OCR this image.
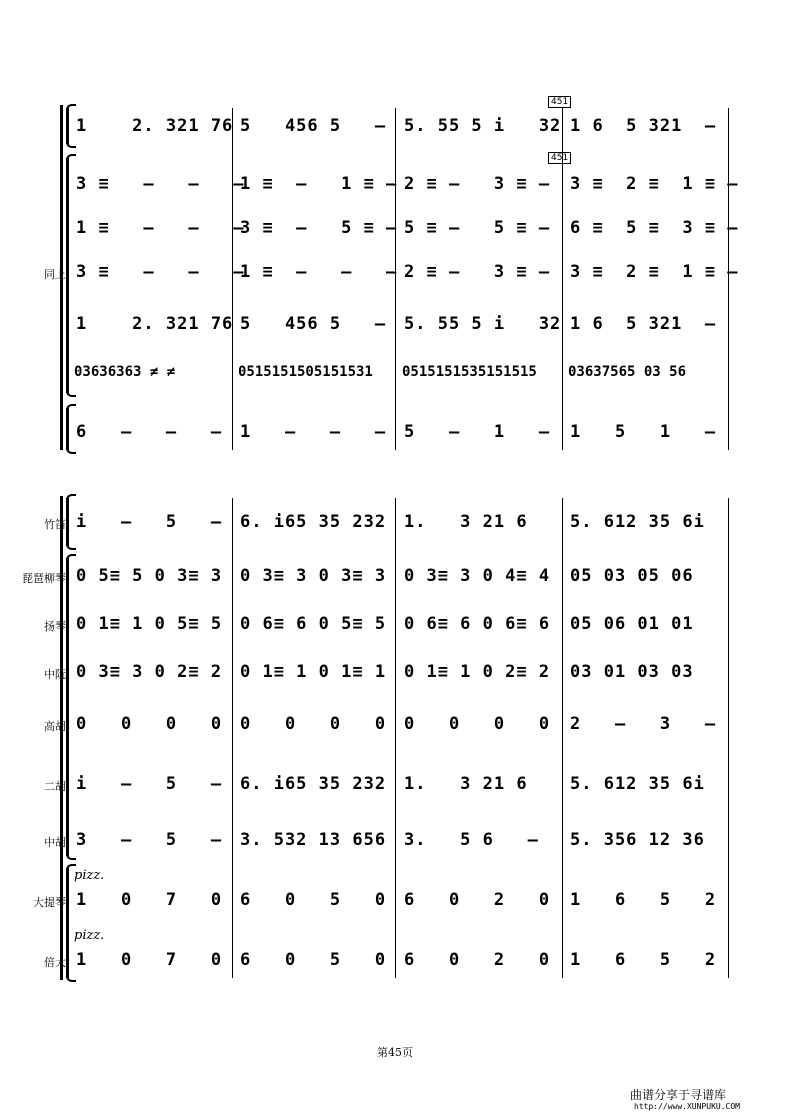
451
451
1    2. 321 76 5   456 5   – 5. 55 5 i   32 1 6  5 321  –
3 ≡   –   –   –
1 ≡  –   1 ≡ – 2 ≡ –   3 ≡ – 3 ≡  2 ≡  1 ≡ –
1 ≡   –   –   –
3 ≡  –   5 ≡ – 5 ≡ –   5 ≡ – 6 ≡  5 ≡  3 ≡ –
同上 3 ≡   –   –   –
1 ≡  –   –   – 2 ≡ –   3 ≡ – 3 ≡  2 ≡  1 ≡ –
1    2. 321 76 5   456 5   – 5. 55 5 i   32 1 6  5 321  –
03636363 ≠ ≠	0515151505151531 0515151535151515 03637565 03 56
6   –   –   – 1   –   –   – 5   –   1   – 1   5   1   –
竹笛 i   –   5   – 6. i65 35 232 1.   3 21 6 5. 612 35 6i
琵琶柳琴 0 5≡ 5 0 3≡ 3 0 3≡ 3 0 3≡ 3 0 3≡ 3 0 4≡ 4 05 03 05 06
扬琴 0 1≡ 1 0 5≡ 5 0 6≡ 6 0 5≡ 5 0 6≡ 6 0 6≡ 6 05 06 01 01
中阮 0 3≡ 3 0 2≡ 2 0 1≡ 1 0 1≡ 1 0 1≡ 1 0 2≡ 2 03 01 03 03
高胡 0   0   0   0 0   0   0   0 0   0   0   0 2   –   3   –
二胡 i   –   5   – 6. i65 35 232 1.   3 21 6 5. 612 35 6i
中胡 3   –   5   – 3. 532 13 656 3.   5 6   – 5. 356 12 36
pizz.
大提琴 1   0   7   0 6   0   5   0 6   0   2   0 1   6   5   2
pizz.
倍大 1   0   7   0 6   0   5   0 6   0   2   0 1   6   5   2
第45页
曲谱分享于寻谱库
http://www.XUNPUKU.COM
